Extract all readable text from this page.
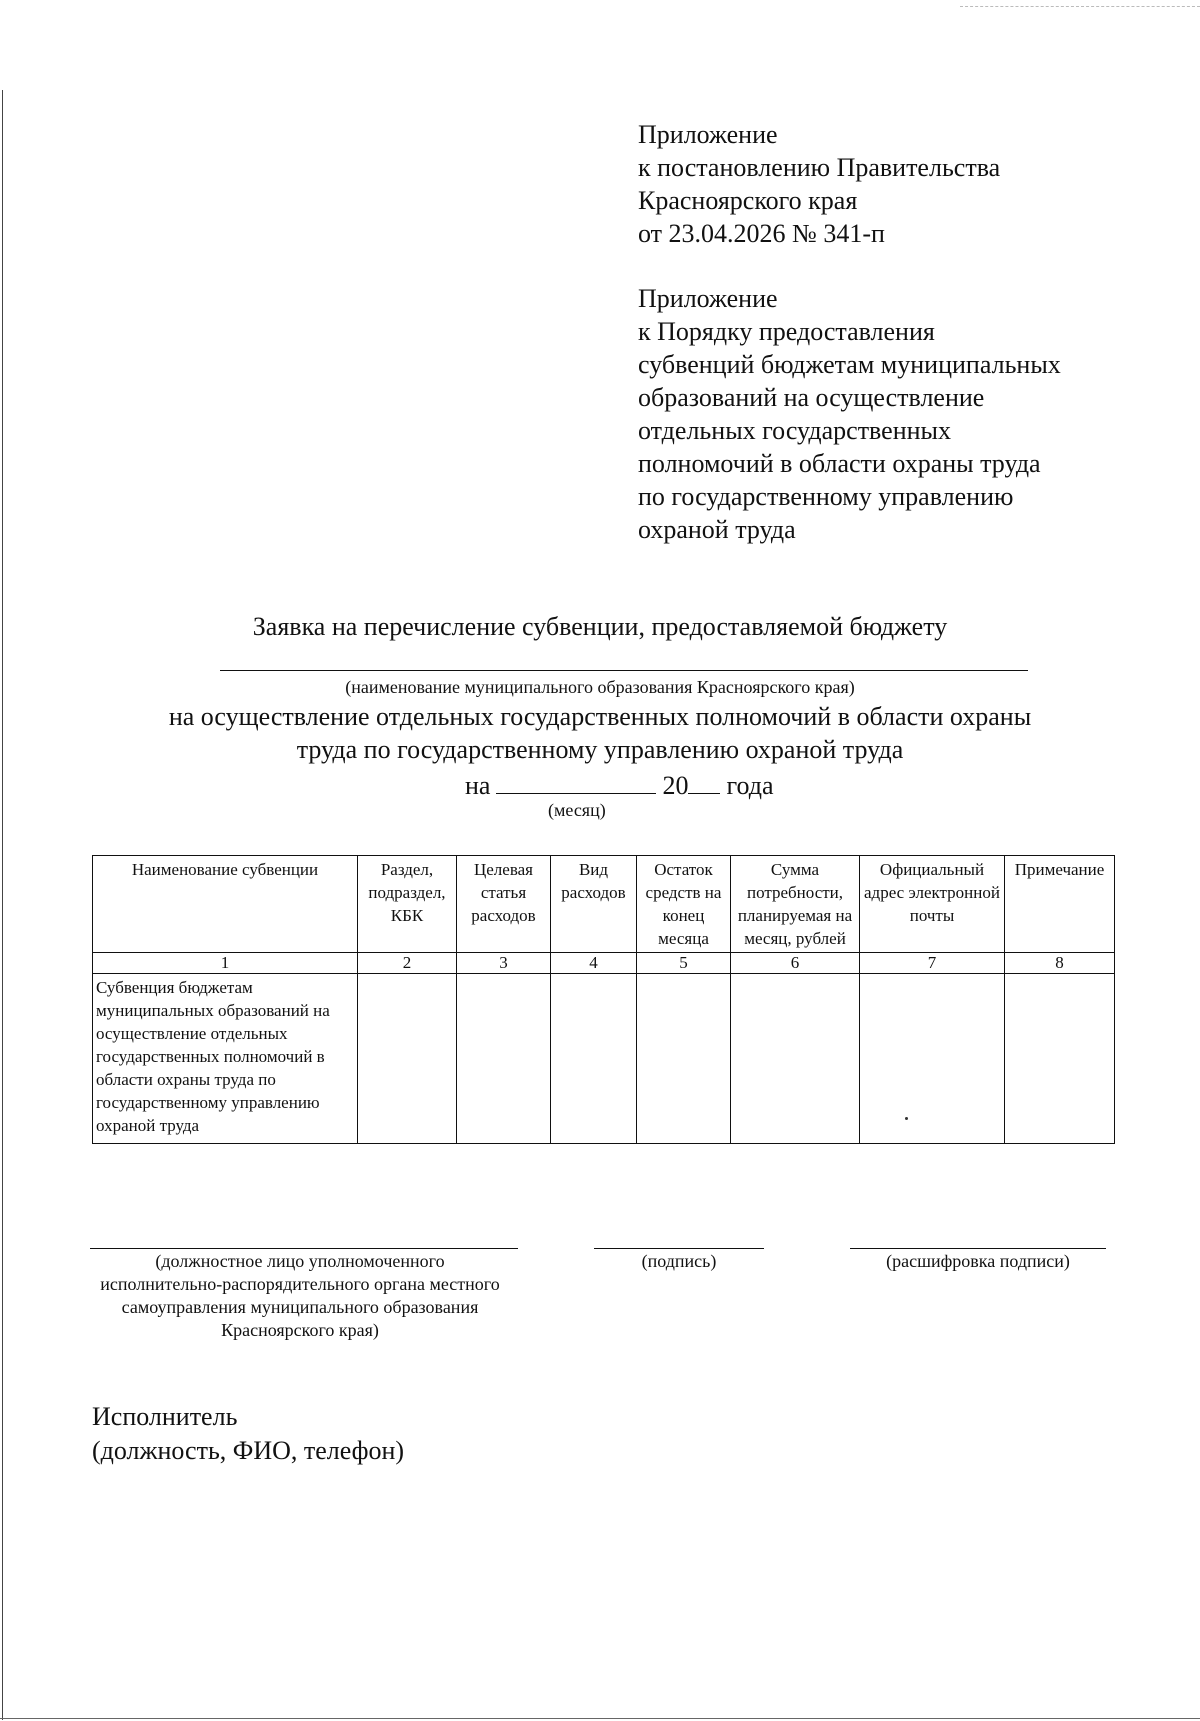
Приложение
к постановлению Правительства
Красноярского края
от 23.04.2026 № 341-п
Приложение
к Порядку предоставления
субвенций бюджетам муниципальных
образований на осуществление
отдельных государственных
полномочий в области охраны труда
по государственному управлению
охраной труда
Заявка на перечисление субвенции, предоставляемой бюджету
(наименование муниципального образования Красноярского края)
на осуществление отдельных государственных полномочий в области охраны
труда по государственному управлению охраной труда
на	20 года
(месяц)
Наименование субвенции	Раздел, подраздел, КБК	Целевая статья расходов	Вид расходов	Остаток средств на конец месяца	Сумма потребности, планируемая на месяц, рублей	Официальный адрес электронной почты	Примечание
1	2	3	4	5	6	7	8
Субвенция бюджетам муниципальных образований на осуществление отдельных государственных полномочий в области охраны труда по государственному управлению охраной труда							
(должностное лицо уполномоченного исполнительно-распорядительного органа местного самоуправления муниципального образования Красноярского края)
(подпись)	(расшифровка подписи)
Исполнитель
(должность, ФИО, телефон)
